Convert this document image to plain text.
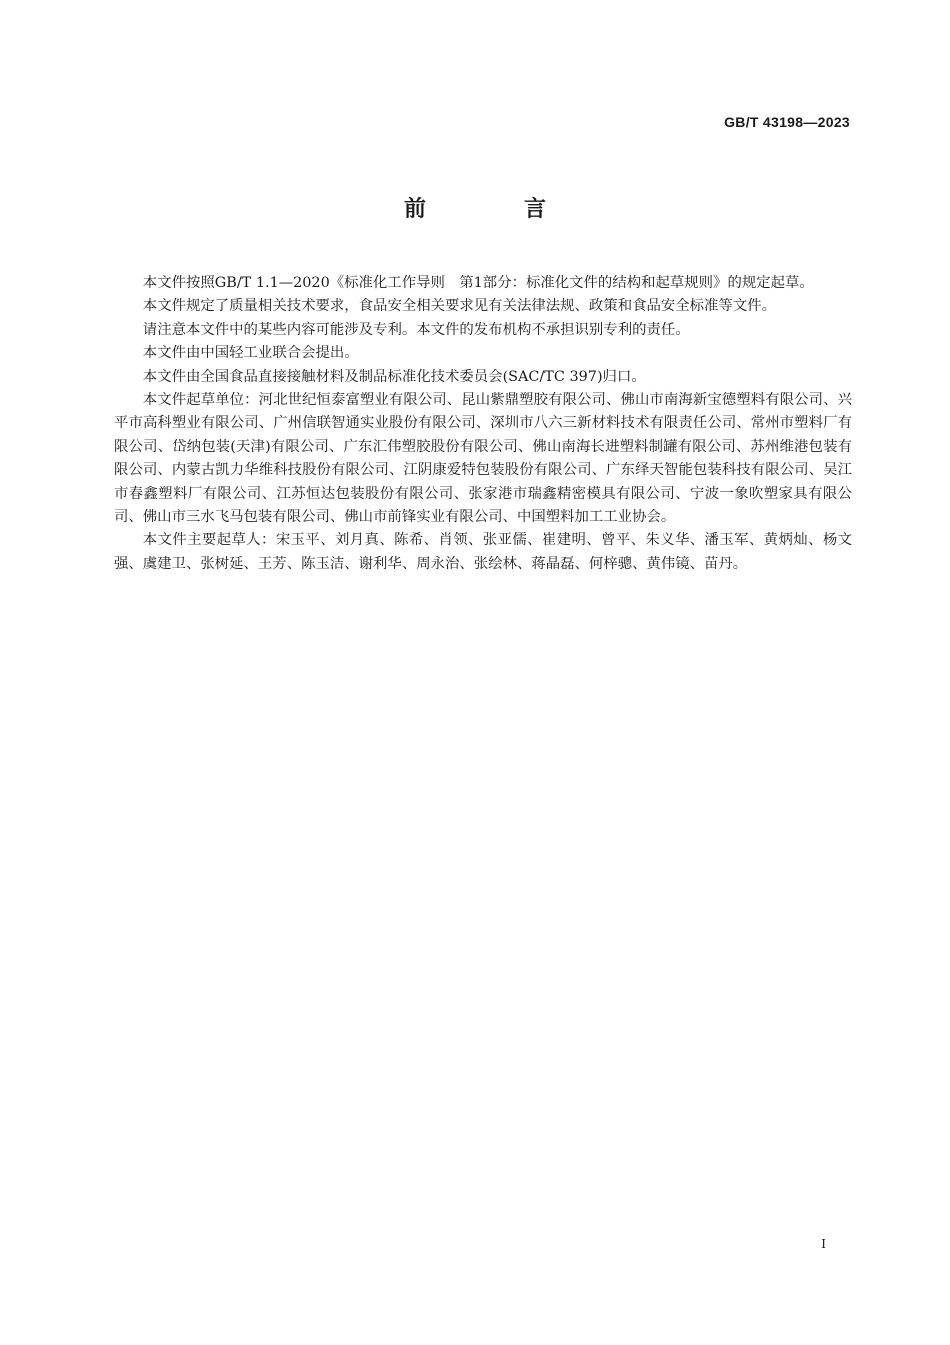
GB/T 43198—2023
前　言

本文件按照GB/T 1.1—2020《标准化工作导则　第1部分：标准化文件的结构和起草规则》的规定起草。

本文件规定了质量相关技术要求，食品安全相关要求见有关法律法规、政策和食品安全标准等文件。

请注意本文件中的某些内容可能涉及专利。本文件的发布机构不承担识别专利的责任。

本文件由中国轻工业联合会提出。

本文件由全国食品直接接触材料及制品标准化技术委员会(SAC/TC 397)归口。

本文件起草单位：河北世纪恒泰富塑业有限公司、昆山紫鼎塑胶有限公司、佛山市南海新宝德塑料有限公司、兴平市高科塑业有限公司、广州信联智通实业股份有限公司、深圳市八六三新材料技术有限责任公司、常州市塑料厂有限公司、岱纳包装(天津)有限公司、广东汇伟塑胶股份有限公司、佛山南海长进塑料制罐有限公司、苏州维港包装有限公司、内蒙古凯力华维科技股份有限公司、江阴康爱特包装股份有限公司、广东绎天智能包装科技有限公司、吴江市春鑫塑料厂有限公司、江苏恒达包装股份有限公司、张家港市瑞鑫精密模具有限公司、宁波一象吹塑家具有限公司、佛山市三水飞马包装有限公司、佛山市前锋实业有限公司、中国塑料加工工业协会。

本文件主要起草人：宋玉平、刘月真、陈希、肖领、张亚儒、崔建明、曾平、朱义华、潘玉军、黄炳灿、杨文强、虞建卫、张树延、王芳、陈玉洁、谢利华、周永治、张绘林、蒋晶磊、何梓骢、黄伟镜、苗丹。

I
